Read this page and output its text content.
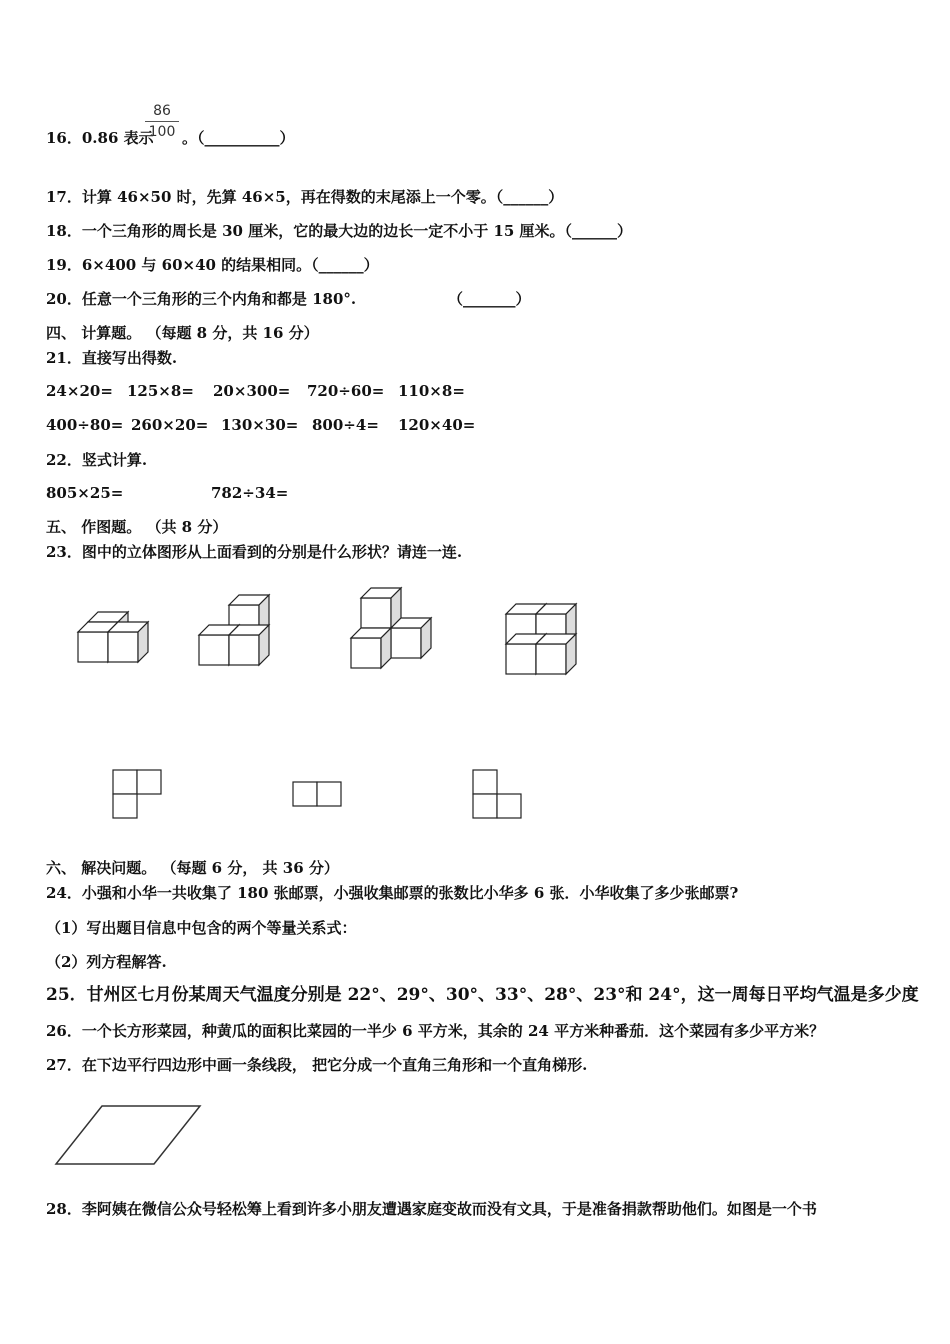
16．0.86 表示
86
100 。（__________）
17．计算 46×50 时，先算 46×5，再在得数的末尾添上一个零。（______）
18．一个三角形的周长是 30 厘米，它的最大边的边长一定不小于 15 厘米。（______）
19．6×400 与 60×40 的结果相同。（______）
20．任意一个三角形的三个内角和都是 180°.	（_______）
四、 计算题。 （每题 8 分，共 16 分）
21．直接写出得数.
24×20= 125×8= 20×300= 720÷60= 110×8=
400÷80= 260×20= 130×30= 800÷4= 120×40=
22．竖式计算.
805×25=	782÷34=
五、 作图题。 （共 8 分）
23．图中的立体图形从上面看到的分别是什么形状？请连一连.
六、 解决问题。 （每题 6 分， 共 36 分）
24．小强和小华一共收集了 180 张邮票，小强收集邮票的张数比小华多 6 张．小华收集了多少张邮票?
（1）写出题目信息中包含的两个等量关系式：
（2）列方程解答.
25．甘州区七月份某周天气温度分别是 22°、29°、30°、33°、28°、23°和 24°，这一周每日平均气温是多少度
26．一个长方形菜园，种黄瓜的面积比菜园的一半少 6 平方米，其余的 24 平方米种番茄．这个菜园有多少平方米？
27．在下边平行四边形中画一条线段， 把它分成一个直角三角形和一个直角梯形.
28．李阿姨在微信公众号轻松筹上看到许多小朋友遭遇家庭变故而没有文具，于是准备捐款帮助他们。如图是一个书
